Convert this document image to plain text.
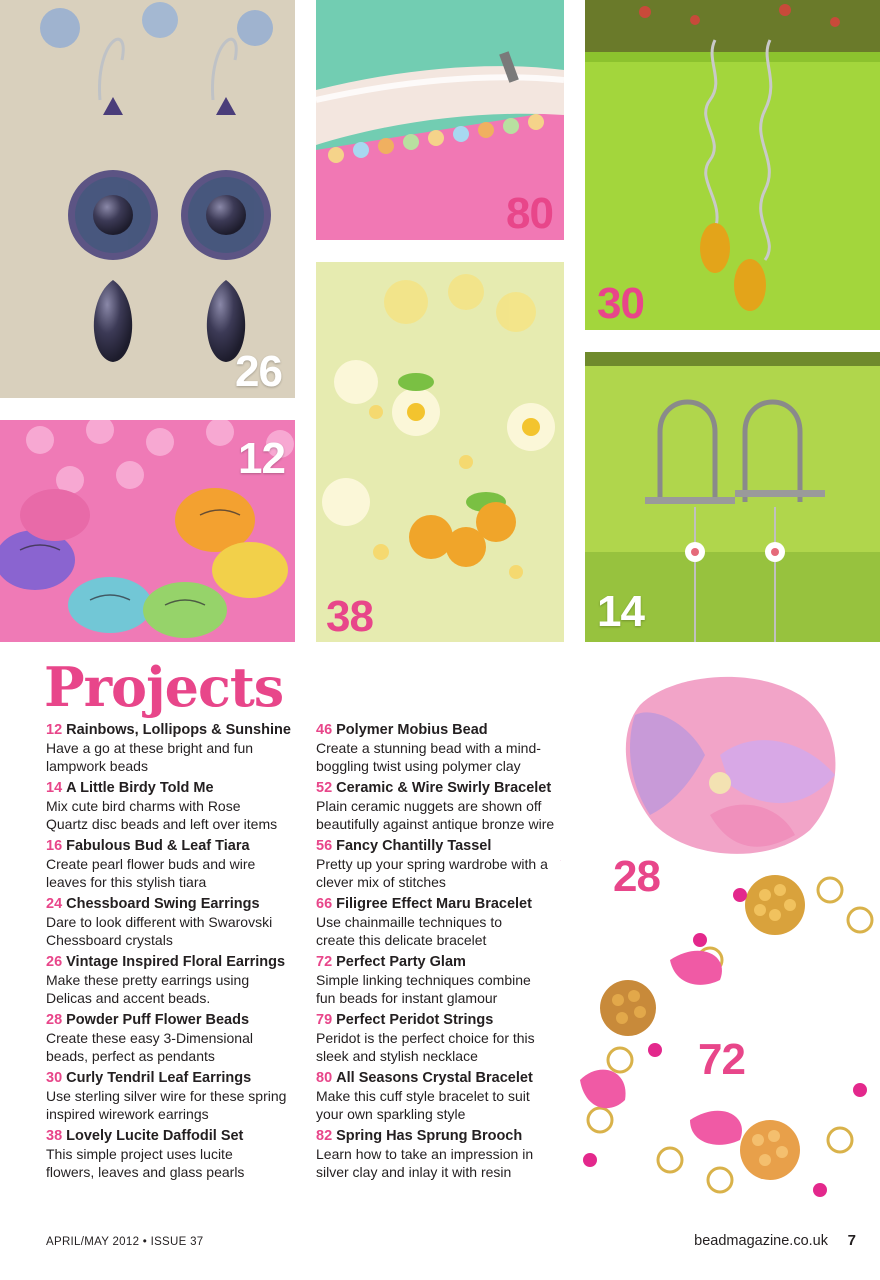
26
80
30
12
38	14
28
72
Projects
12 Rainbows, Lollipops & Sunshine
Have a go at these bright and fun
lampwork beads
14 A Little Birdy Told Me
Mix cute bird charms with Rose
Quartz disc beads and left over items
16 Fabulous Bud & Leaf Tiara
Create pearl flower buds and wire
leaves for this stylish tiara
24 Chessboard Swing Earrings
Dare to look different with Swarovski
Chessboard crystals
26 Vintage Inspired Floral Earrings
Make these pretty earrings using
Delicas and accent beads.
28 Powder Puff Flower Beads
Create these easy 3-Dimensional
beads, perfect as pendants
30 Curly Tendril Leaf Earrings
Use sterling silver wire for these spring
inspired wirework earrings
38 Lovely Lucite Daffodil Set
This simple project uses lucite
flowers, leaves and glass pearls
46 Polymer Mobius Bead
Create a stunning bead with a mind-
boggling twist using polymer clay
52 Ceramic & Wire Swirly Bracelet
Plain ceramic nuggets are shown off
beautifully against antique bronze wire
56 Fancy Chantilly Tassel
Pretty up your spring wardrobe with a
clever mix of stitches
66 Filigree Effect Maru Bracelet
Use chainmaille techniques to
create this delicate bracelet
72 Perfect Party Glam
Simple linking techniques combine
fun beads for instant glamour
79 Perfect Peridot Strings
Peridot is the perfect choice for this
sleek and stylish necklace
80 All Seasons Crystal Bracelet
Make this cuff style bracelet to suit
your own sparkling style
82 Spring Has Sprung Brooch
Learn how to take an impression in
silver clay and inlay it with resin
APRIL/MAY 2012 • ISSUE 37	beadmagazine.co.uk 7
